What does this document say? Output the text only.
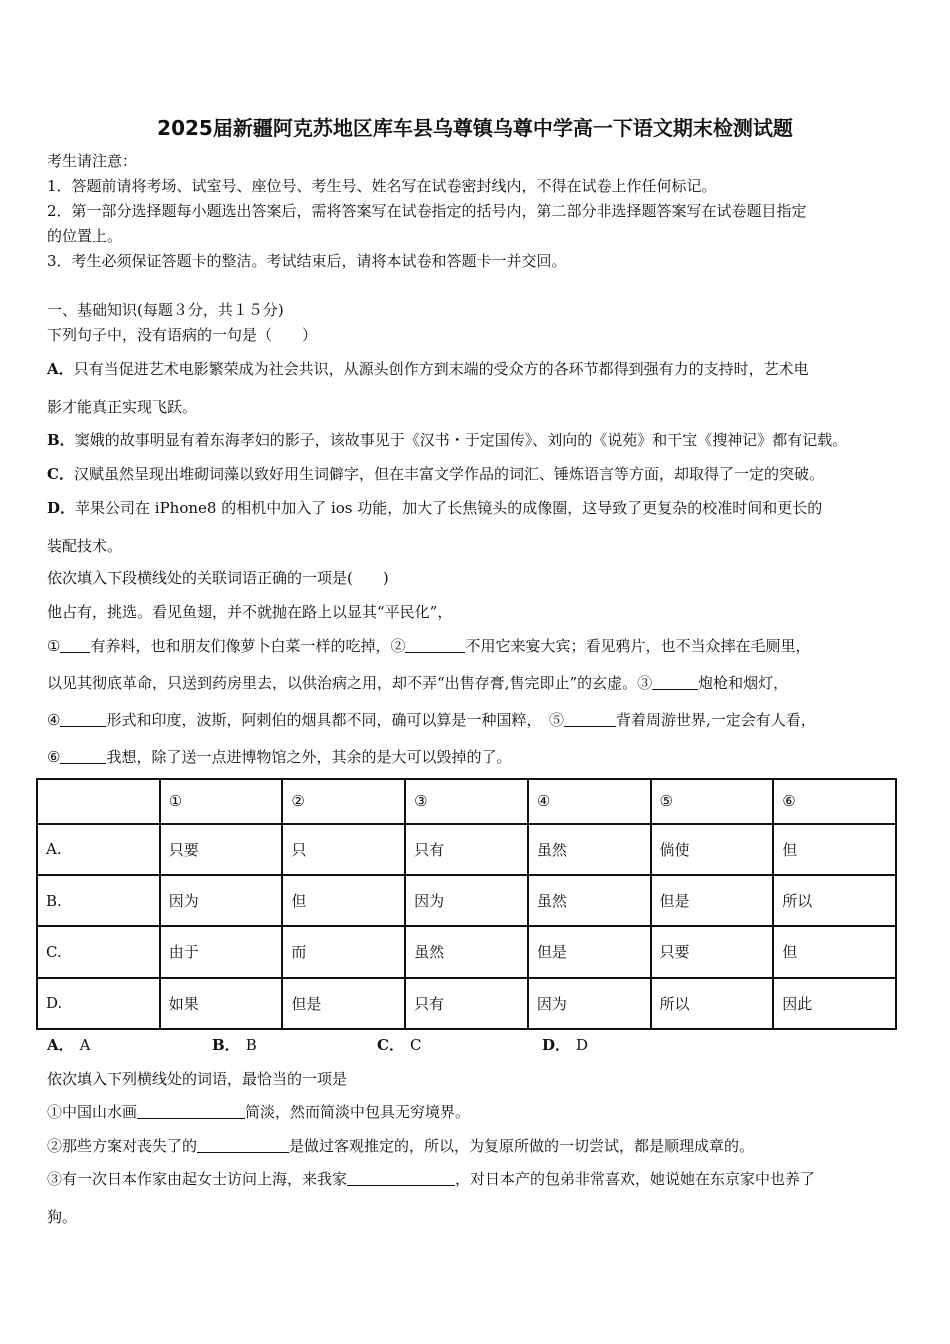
2025届新疆阿克苏地区库车县乌尊镇乌尊中学高一下语文期末检测试题
考生请注意：
1．答题前请将考场、试室号、座位号、考生号、姓名写在试卷密封线内，不得在试卷上作任何标记。
2．第一部分选择题每小题选出答案后，需将答案写在试卷指定的括号内，第二部分非选择题答案写在试卷题目指定
的位置上。
3．考生必须保证答题卡的整洁。考试结束后，请将本试卷和答题卡一并交回。
一、基础知识(每题３分，共１５分)
下列句子中，没有语病的一句是（　　）
A．只有当促进艺术电影繁荣成为社会共识，从源头创作方到末端的受众方的各环节都得到强有力的支持时，艺术电
影才能真正实现飞跃。
B．窦娥的故事明显有着东海孝妇的影子，该故事见于《汉书・于定国传》、刘向的《说苑》和干宝《搜神记》都有记载。
C．汉赋虽然呈现出堆砌词藻以致好用生词僻字，但在丰富文学作品的词汇、锤炼语言等方面，却取得了一定的突破。
D．苹果公司在 iPhone8 的相机中加入了 ios 功能，加大了长焦镜头的成像圈，这导致了更复杂的校准时间和更长的
装配技术。
依次填入下段横线处的关联词语正确的一项是(　　)
他占有，挑选。看见鱼翅，并不就抛在路上以显其“平民化”，
① 有养料，也和朋友们像萝卜白菜一样的吃掉，②	不用它来宴大宾；看见鸦片，也不当众摔在毛厕里，
以见其彻底革命，只送到药房里去，以供治病之用，却不弄“出售存膏,售完即止”的玄虚。③	炮枪和烟灯，
④	形式和印度，波斯，阿剌伯的烟具都不同，确可以算是一种国粹，　⑤	背着周游世界,一定会有人看，
⑥	我想，除了送一点进博物馆之外，其余的是大可以毁掉的了。
	①	②	③	④	⑤	⑥
A.	只要	只	只有	虽然	倘使	但
B.	因为	但	因为	虽然	但是	所以
C.	由于	而	虽然	但是	只要	但
D.	如果	但是	只有	因为	所以	因此
A． A	B． B	C． C	D． D
依次填入下列横线处的词语，最恰当的一项是
①中国山水画	简淡，然而简淡中包具无穷境界。
②那些方案对丧失了的	是做过客观推定的，所以，为复原所做的一切尝试，都是顺理成章的。
③有一次日本作家由起女士访问上海，来我家	，对日本产的包弟非常喜欢，她说她在东京家中也养了
狗。
